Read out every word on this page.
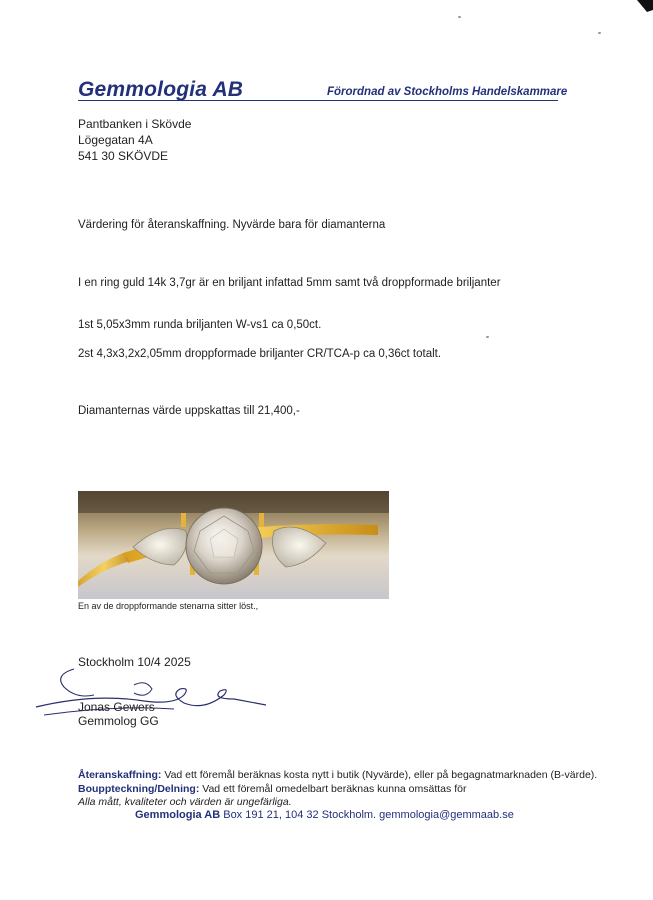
Gemmologia AB	Förordnad av Stockholms Handelskammare
Pantbanken i Skövde
Lögegatan 4A
541 30 SKÖVDE
Värdering för återanskaffning. Nyvärde bara för diamanterna
I en ring guld 14k 3,7gr är en briljant infattad 5mm samt två droppformade briljanter
1st 5,05x3mm runda briljanten W-vs1 ca 0,50ct.
2st 4,3x3,2x2,05mm droppformade briljanter CR/TCA-p ca 0,36ct totalt.
Diamanternas värde uppskattas till 21,400,-
En av de droppformande stenarna sitter löst.,
Stockholm 10/4 2025
Jonas Gewers
Gemmolog GG
Återanskaffning: Vad ett föremål beräknas kosta nytt i butik (Nyvärde), eller på begagnatmarknaden (B-värde).
Bouppteckning/Delning: Vad ett föremål omedelbart beräknas kunna omsättas för
Alla mått, kvaliteter och värden är ungefärliga.
Gemmologia AB Box 191 21, 104 32 Stockholm. gemmologia@gemmaab.se
